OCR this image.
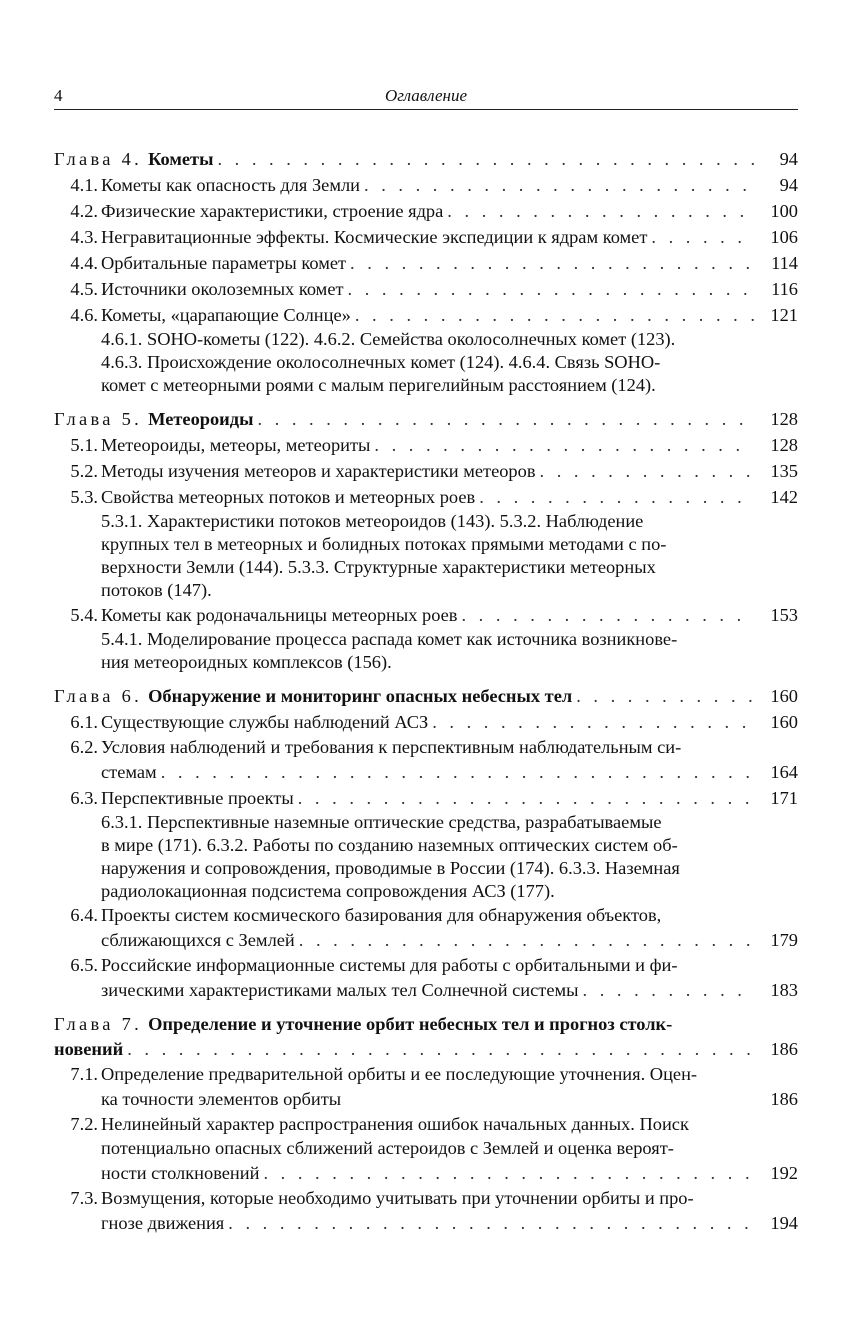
4	Оглавление
Глава 4. Кометы . . .	94
4.1. Кометы как опасность для Земли . . .	94
4.2. Физические характеристики, строение ядра . . .	100
4.3. Негравитационные эффекты. Космические экспедиции к ядрам комет . . .	106
4.4. Орбитальные параметры комет . . .	114
4.5. Источники околоземных комет . . .	116
4.6. Кометы, «царапающие Солнце» . . .	121
4.6.1. SOHO-кометы (122). 4.6.2. Семейства околосолнечных комет (123).
4.6.3. Происхождение околосолнечных комет (124). 4.6.4. Связь SOHO-
комет с метеорными роями с малым перигелийным расстоянием (124).
Глава 5. Метеороиды . . .	128
5.1. Метеороиды, метеоры, метеориты . . .	128
5.2. Методы изучения метеоров и характеристики метеоров . . .	135
5.3. Свойства метеорных потоков и метеорных роев . . .	142
5.3.1. Характеристики потоков метеороидов (143). 5.3.2. Наблюдение
крупных тел в метеорных и болидных потоках прямыми методами с по-
верхности Земли (144). 5.3.3. Структурные характеристики метеорных
потоков (147).
5.4. Кометы как родоначальницы метеорных роев . . .	153
5.4.1. Моделирование процесса распада комет как источника возникнове-
ния метеороидных комплексов (156).
Глава 6. Обнаружение и мониторинг опасных небесных тел . . .	160
6.1. Существующие службы наблюдений АСЗ . . .	160
6.2. Условия наблюдений и требования к перспективным наблюдательным си-
стемам . . .	164
6.3. Перспективные проекты . . .	171
6.3.1. Перспективные наземные оптические средства, разрабатываемые
в мире (171). 6.3.2. Работы по созданию наземных оптических систем об-
наружения и сопровождения, проводимые в России (174). 6.3.3. Наземная
радиолокационная подсистема сопровождения АСЗ (177).
6.4. Проекты систем космического базирования для обнаружения объектов,
сближающихся с Землей . . .	179
6.5. Российские информационные системы для работы с орбитальными и фи-
зическими характеристиками малых тел Солнечной системы . . .	183
Глава 7. Определение и уточнение орбит небесных тел и прогноз столк-
новений . . .	186
7.1. Определение предварительной орбиты и ее последующие уточнения. Оцен-
ка точности элементов орбиты	186
7.2. Нелинейный характер распространения ошибок начальных данных. Поиск
потенциально опасных сближений астероидов с Землей и оценка вероят-
ности столкновений . . .	192
7.3. Возмущения, которые необходимо учитывать при уточнении орбиты и про-
гнозе движения . . .	194
